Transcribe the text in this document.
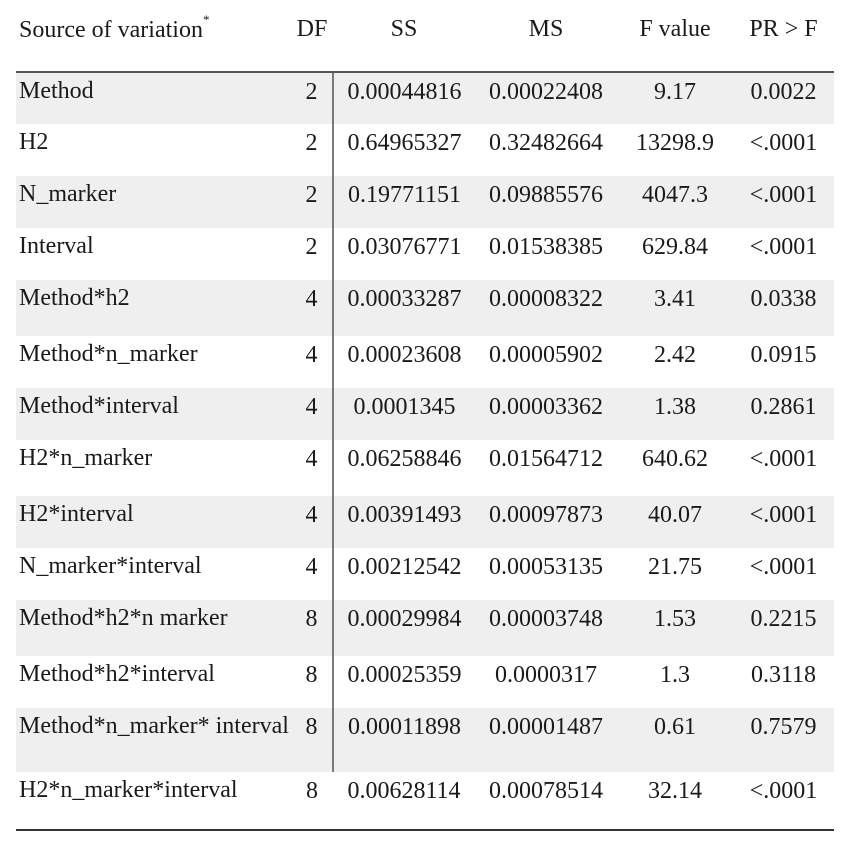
Source of variation*	DF	SS	MS	F value	PR > F
Method	2	0.00044816	0.00022408	9.17	0.0022
H2	2	0.64965327	0.32482664	13298.9	<.0001
N_marker	2	0.19771151	0.09885576	4047.3	<.0001
Interval	2	0.03076771	0.01538385	629.84	<.0001
Method*h2	4	0.00033287	0.00008322	3.41	0.0338
Method*n_marker	4	0.00023608	0.00005902	2.42	0.0915
Method*interval	4	0.0001345	0.00003362	1.38	0.2861
H2*n_marker	4	0.06258846	0.01564712	640.62	<.0001
H2*interval	4	0.00391493	0.00097873	40.07	<.0001
N_marker*interval	4	0.00212542	0.00053135	21.75	<.0001
Method*h2*n marker	8	0.00029984	0.00003748	1.53	0.2215
Method*h2*interval	8	0.00025359	0.0000317	1.3	0.3118
Method*n_marker* interval	8	0.00011898	0.00001487	0.61	0.7579
H2*n_marker*interval	8	0.00628114	0.00078514	32.14	<.0001
